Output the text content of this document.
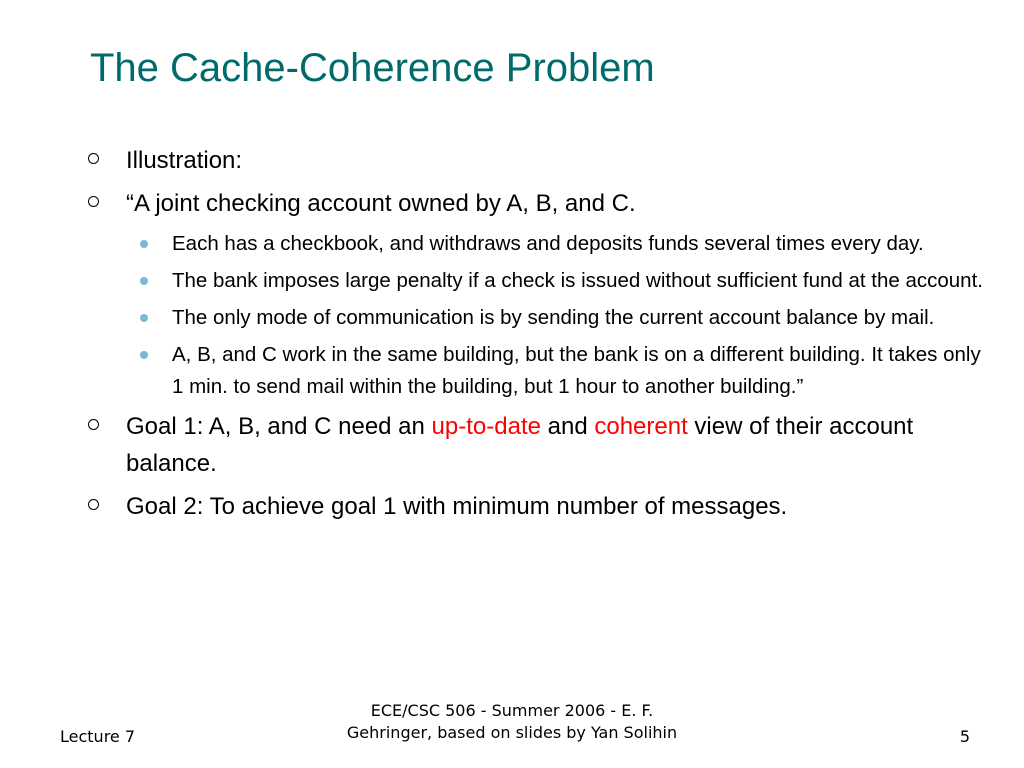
The Cache-Coherence Problem
Illustration:
“A joint checking account owned by A, B, and C.
Each has a checkbook, and withdraws and deposits funds several times every day.
The bank imposes large penalty if a check is issued without sufficient fund at the account.
The only mode of communication is by sending the current account balance by mail.
A, B, and C work in the same building, but the bank is on a different building. It takes only 1 min. to send mail within the building, but 1 hour to another building.”
Goal 1: A, B, and C need an up-to-date and coherent view of their account balance.
Goal 2: To achieve goal 1 with minimum number of messages.
Lecture 7
ECE/CSC 506 - Summer 2006 - E. F.
Gehringer, based on slides by Yan Solihin	5
